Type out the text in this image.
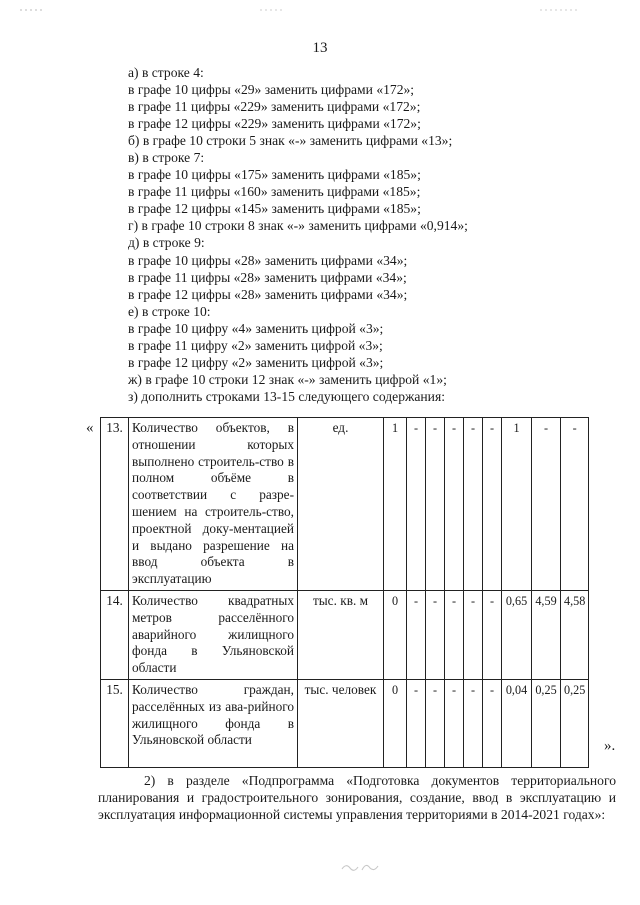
13
а) в строке 4:
в графе 10 цифры «29» заменить цифрами «172»;
в графе 11 цифры «229» заменить цифрами «172»;
в графе 12 цифры «229» заменить цифрами «172»;
б) в графе 10 строки 5 знак «-» заменить цифрами «13»;
в) в строке 7:
в графе 10 цифры «175» заменить цифрами «185»;
в графе 11 цифры «160» заменить цифрами «185»;
в графе 12 цифры «145» заменить цифрами «185»;
г) в графе 10 строки 8 знак «-» заменить цифрами «0,914»;
д) в строке 9:
в графе 10 цифры «28» заменить цифрами «34»;
в графе 11 цифры «28» заменить цифрами «34»;
в графе 12 цифры «28» заменить цифрами «34»;
е) в строке 10:
в графе 10 цифру «4» заменить цифрой «3»;
в графе 11 цифру «2» заменить цифрой «3»;
в графе 12 цифру «2» заменить цифрой «3»;
ж) в графе 10 строки 12 знак «-» заменить цифрой «1»;
з) дополнить строками 13-15 следующего содержания:
« 13.	Количество объектов, в отношении которых выполнено строитель-ство в полном объёме в соответствии с разре-шением на строитель-ство, проектной доку-ментацией и выдано разрешение на ввод объекта в эксплуатацию	ед.	1	-	-	-	-	-	1	-	-
14.	Количество квадратных метров расселённого аварийного жилищного фонда в Ульяновской области	тыс. кв. м	0	-	-	-	-	-	0,65	4,59	4,58
15.	Количество граждан, расселённых из ава-рийного жилищного фонда в Ульяновской области	тыс. человек	0	-	-	-	-	-	0,04	0,25	0,25
».
2) в разделе «Подпрограмма «Подготовка документов территориального планирования и градостроительного зонирования, создание, ввод в эксплуатацию и эксплуатация информационной системы управления территориями в 2014-2021 годах»:
